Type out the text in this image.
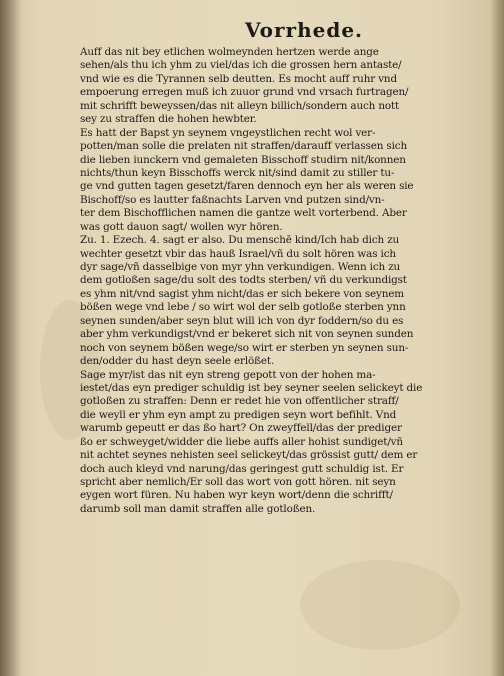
Vorrhede.
Auff das nit bey etlichen wolmeynden hertzen werde ange
sehen/als thu ich yhm zu viel/das ich die grossen hern antaste/
vnd wie es die Tyrannen selb deutten. Es mocht auff ruhr vnd
empoerung erregen muß ich zuuor grund vnd vrsach furtragen/
mit schrifft beweyssen/das nit alleyn billich/sondern auch nott
sey zu straffen die hohen hewbter.
Es hatt der Bapst yn seynem vngeystlichen recht wol ver-
potten/man solle die prelaten nit straffen/darauff verlassen sich
die lieben iunckern vnd gemaleten Bisschoff studirn nit/konnen
nichts/thun keyn Bisschoffs werck nit/sind damit zu stiller tu-
ge vnd gutten tagen gesetzt/faren dennoch eyn her als weren sie
Bischoff/so es lautter faßnachts Larven vnd putzen sind/vn-
ter dem Bischofflichen namen die gantze welt vorterbend. Aber
was gott dauon sagt/ wollen wyr hören.
Zu. 1. Ezech. 4. sagt er also. Du menschē kind/Ich hab dich zu
wechter gesetzt vbir das hauß Israel/vñ du solt hören was ich
dyr sage/vñ dasselbige von myr yhn verkundigen. Wenn ich zu
dem gotloßen sage/du solt des todts sterben/ vñ du verkundigst
es yhm nit/vnd sagist yhm nicht/das er sich bekere von seynem
bößen wege vnd lebe / so wirt wol der selb gotloße sterben ynn
seynen sunden/aber seyn blut will ich von dyr foddern/so du es
aber yhm verkundigst/vnd er bekeret sich nit von seynen sunden
noch von seynem bößen wege/so wirt er sterben yn seynen sun-
den/odder du hast deyn seele erlößet.
Sage myr/ist das nit eyn streng gepott von der hohen ma-
iestet/das eyn prediger schuldig ist bey seyner seelen selickeyt die
gotloßen zu straffen: Denn er redet hie von offentlicher straff/
die weyll er yhm eyn ampt zu predigen seyn wort befihlt. Vnd
warumb gepeutt er das ßo hart? On zweyffell/das der prediger
ßo er schweyget/widder die liebe auffs aller hohist sundiget/vñ
nit achtet seynes nehisten seel selickeyt/das grössist gutt/ dem er
doch auch kleyd vnd narung/das geringest gutt schuldig ist. Er
spricht aber nemlich/Er soll das wort von gott hören. nit seyn
eygen wort füren. Nu haben wyr keyn wort/denn die schrifft/
darumb soll man damit straffen alle gotloßen.
